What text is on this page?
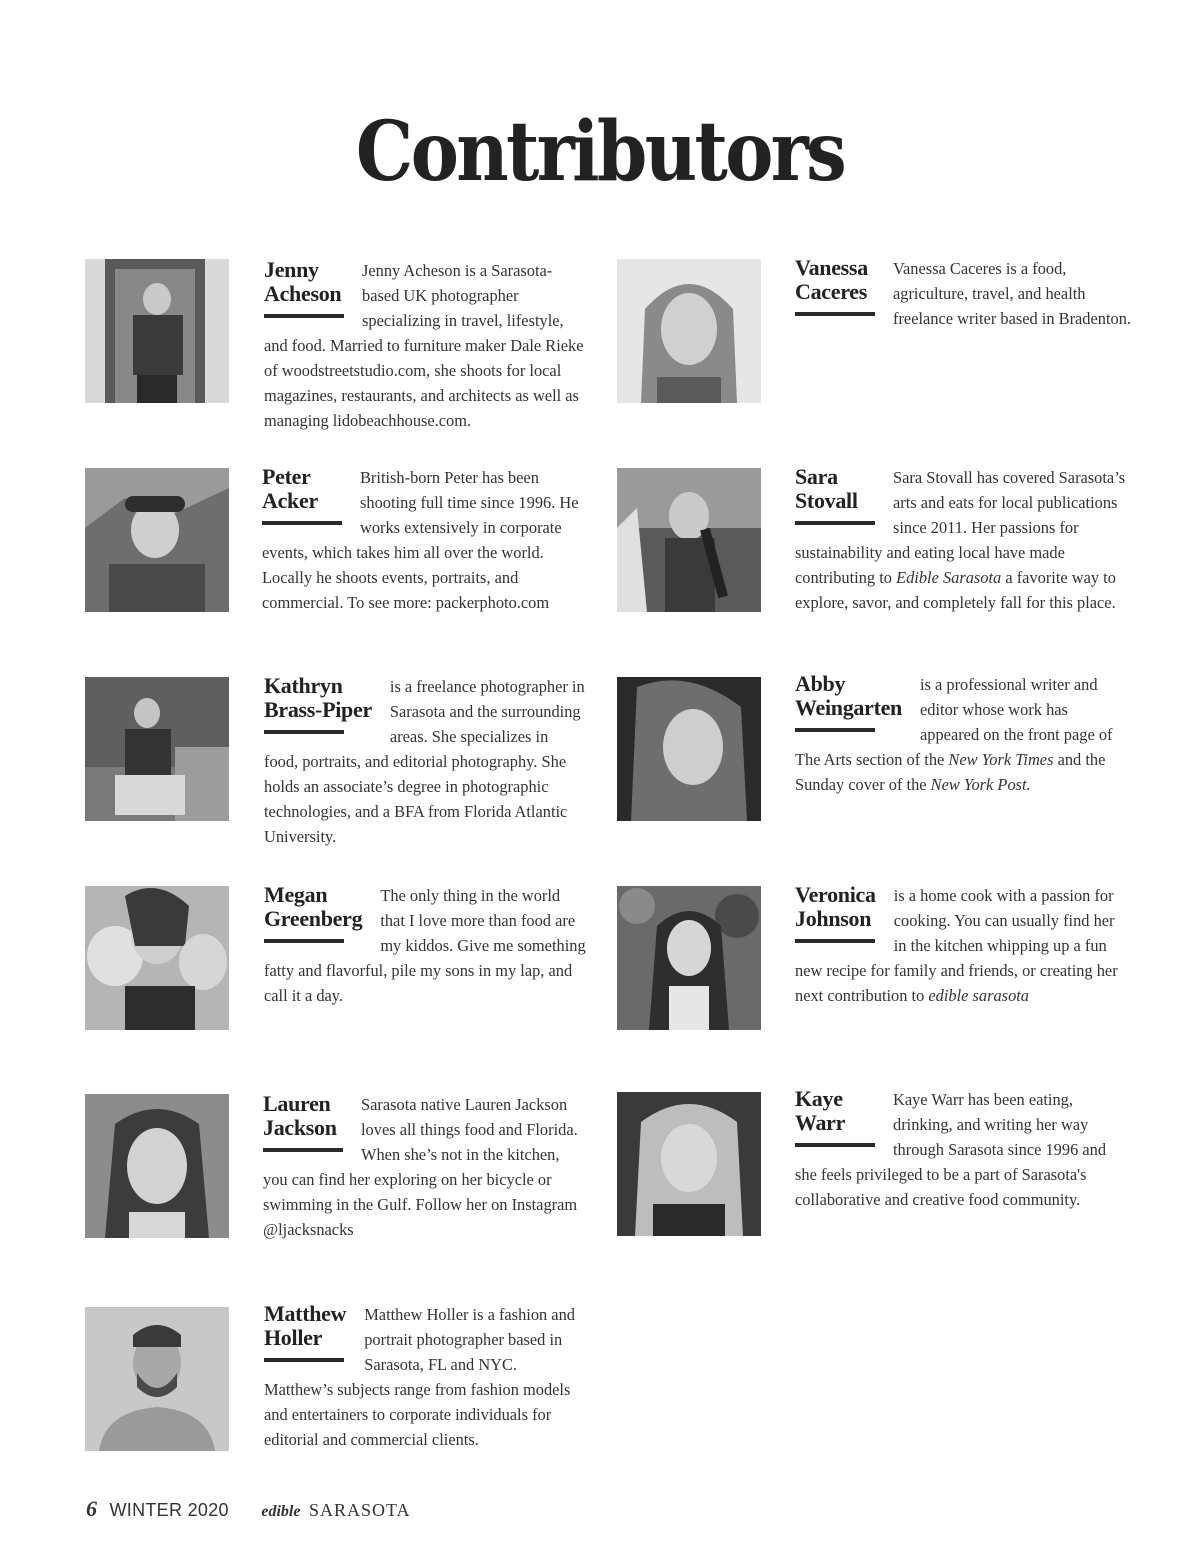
Contributors
Jenny
Acheson
Jenny Acheson is a Sarasota-based UK photographer specializing in travel, lifestyle, and food. Married to furniture maker Dale Rieke of woodstreetstudio.com, she shoots for local magazines, restaurants, and architects as well as managing lidobeachhouse.com.
Peter
Acker
British-born Peter has been shooting full time since 1996. He works extensively in corporate events, which takes him all over the world. Locally he shoots events, portraits, and commercial. To see more: packerphoto.com
Kathryn
Brass-Piper
is a freelance photographer in Sarasota and the surrounding areas. She specializes in food, portraits, and editorial photography. She holds an associate’s degree in photographic technologies, and a BFA from Florida Atlantic University.
Megan
Greenberg
The only thing in the world that I love more than food are my kiddos. Give me something fatty and flavorful, pile my sons in my lap, and call it a day.
Lauren
Jackson
Sarasota native Lauren Jackson loves all things food and Florida. When she’s not in the kitchen, you can find her exploring on her bicycle or swimming in the Gulf. Follow her on Instagram @ljacksnacks
Matthew
Holler
Matthew Holler is a fashion and portrait photographer based in Sarasota, FL and NYC. Matthew’s subjects range from fashion models and entertainers to corporate individuals for editorial and commercial clients.
Vanessa
Caceres
Vanessa Caceres is a food, agriculture, travel, and health freelance writer based in Bradenton.
Sara
Stovall
Sara Stovall has covered Sarasota’s arts and eats for local publications since 2011. Her passions for sustainability and eating local have made contributing to Edible Sarasota a favorite way to explore, savor, and completely fall for this place.
Abby
Weingarten
is a professional writer and editor whose work has appeared on the front page of The Arts section of the New York Times and the Sunday cover of the New York Post.
Veronica
Johnson
is a home cook with a passion for cooking. You can usually find her in the kitchen whipping up a fun new recipe for family and friends, or creating her next contribution to edible sarasota
Kaye
Warr
Kaye Warr has been eating, drinking, and writing her way through Sarasota since 1996 and she feels privileged to be a part of Sarasota's collaborative and creative food community.
6 WINTER 2020 edible SARASOTA
